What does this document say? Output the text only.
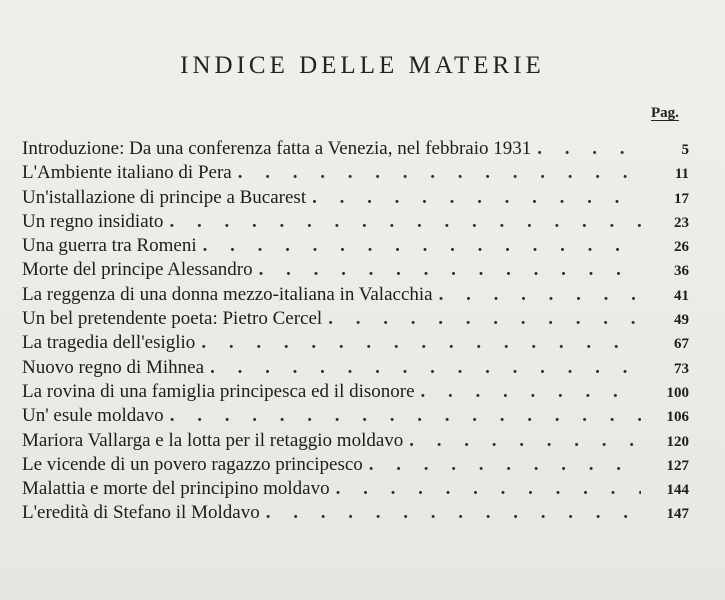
INDICE DELLE MATERIE
Pag.
Introduzione: Da una conferenza fatta a Venezia, nel febbraio 1931 . . .	5
L'Ambiente italiano di Pera . . .	11
Un'istallazione di principe a Bucarest . . .	17
Un regno insidiato . . .	23
Una guerra tra Romeni . . .	26
Morte del principe Alessandro . . .	36
La reggenza di una donna mezzo-italiana in Valacchia . . .	41
Un bel pretendente poeta: Pietro Cercel . . .	49
La tragedia dell'esiglio . . .	67
Nuovo regno di Mihnea . . .	73
La rovina di una famiglia principesca ed il disonore . . .	100
Un' esule moldavo . . .	106
Mariora Vallarga e la lotta per il retaggio moldavo . . .	120
Le vicende di un povero ragazzo principesco . . .	127
Malattia e morte del principino moldavo . . .	144
L'eredità di Stefano il Moldavo . . .	147
